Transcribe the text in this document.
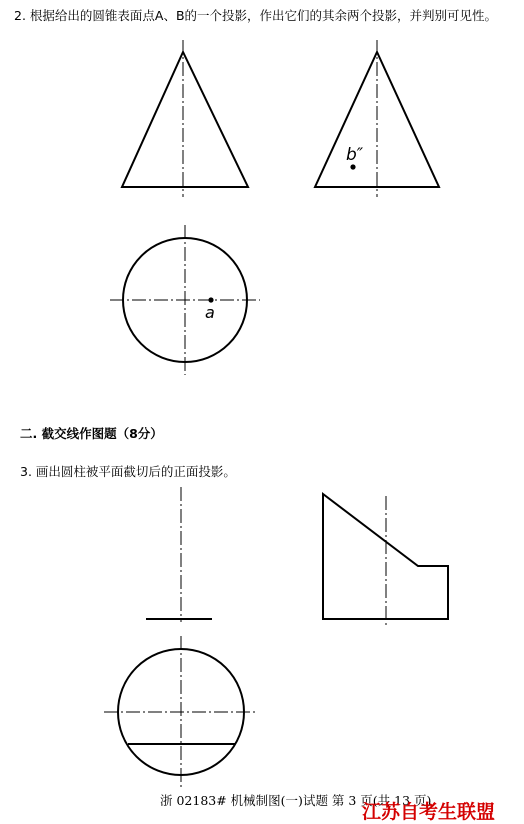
2. 根据给出的圆锥表面点A、B的一个投影，作出它们的其余两个投影，并判别可见性。
二. 截交线作图题（8分）
3. 画出圆柱被平面截切后的正面投影。
b″
a
浙 02183# 机械制图(一)试题 第 3 页(共 13 页)
江苏自考生联盟
